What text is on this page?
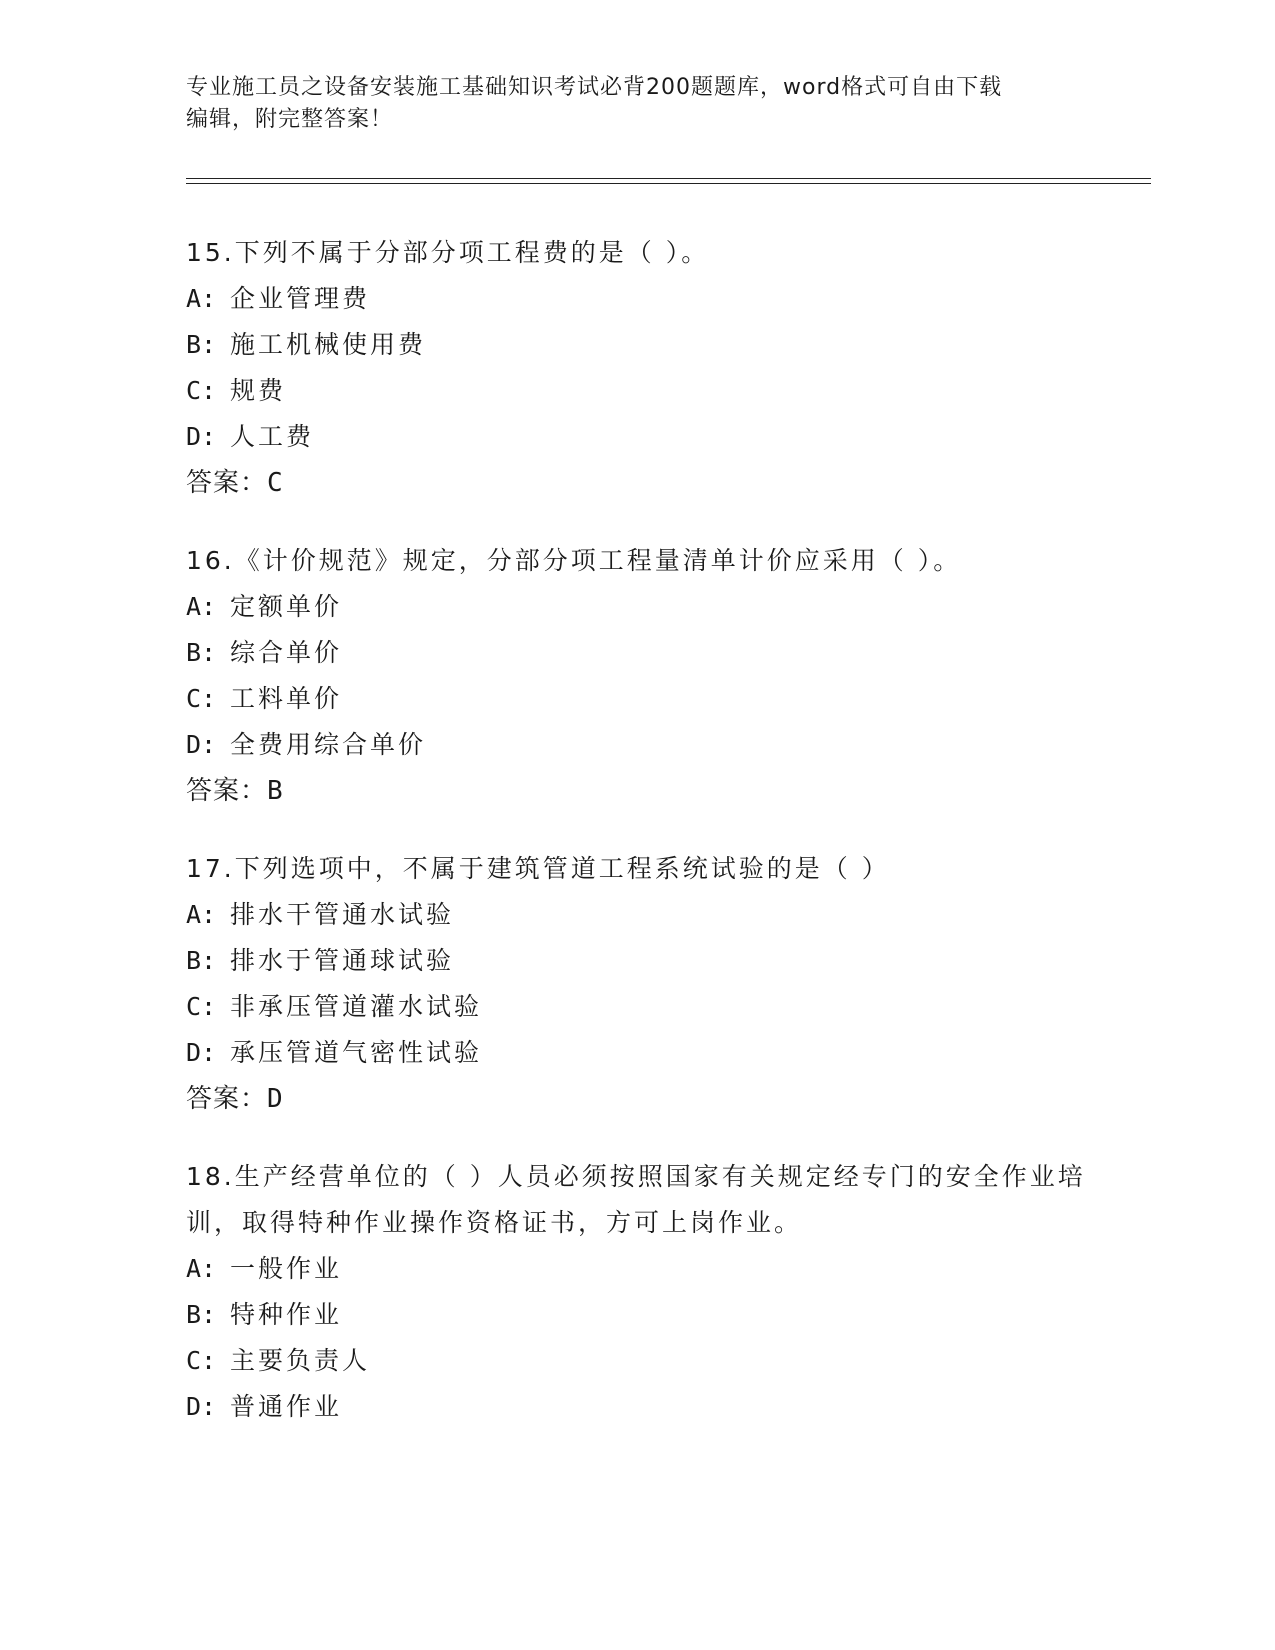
专业施工员之设备安装施工基础知识考试必背200题题库，word格式可自由下载
编辑，附完整答案！
15.下列不属于分部分项工程费的是（ ）。
A: 企业管理费
B: 施工机械使用费
C: 规费
D: 人工费
答案：C
16.《计价规范》规定，分部分项工程量清单计价应采用（ ）。
A: 定额单价
B: 综合单价
C: 工料单价
D: 全费用综合单价
答案：B
17.下列选项中，不属于建筑管道工程系统试验的是（ ）
A: 排水干管通水试验
B: 排水于管通球试验
C: 非承压管道灌水试验
D: 承压管道气密性试验
答案：D
18.生产经营单位的（ ）人员必须按照国家有关规定经专门的安全作业培训，取得特种作业操作资格证书，方可上岗作业。
A: 一般作业
B: 特种作业
C: 主要负责人
D: 普通作业
